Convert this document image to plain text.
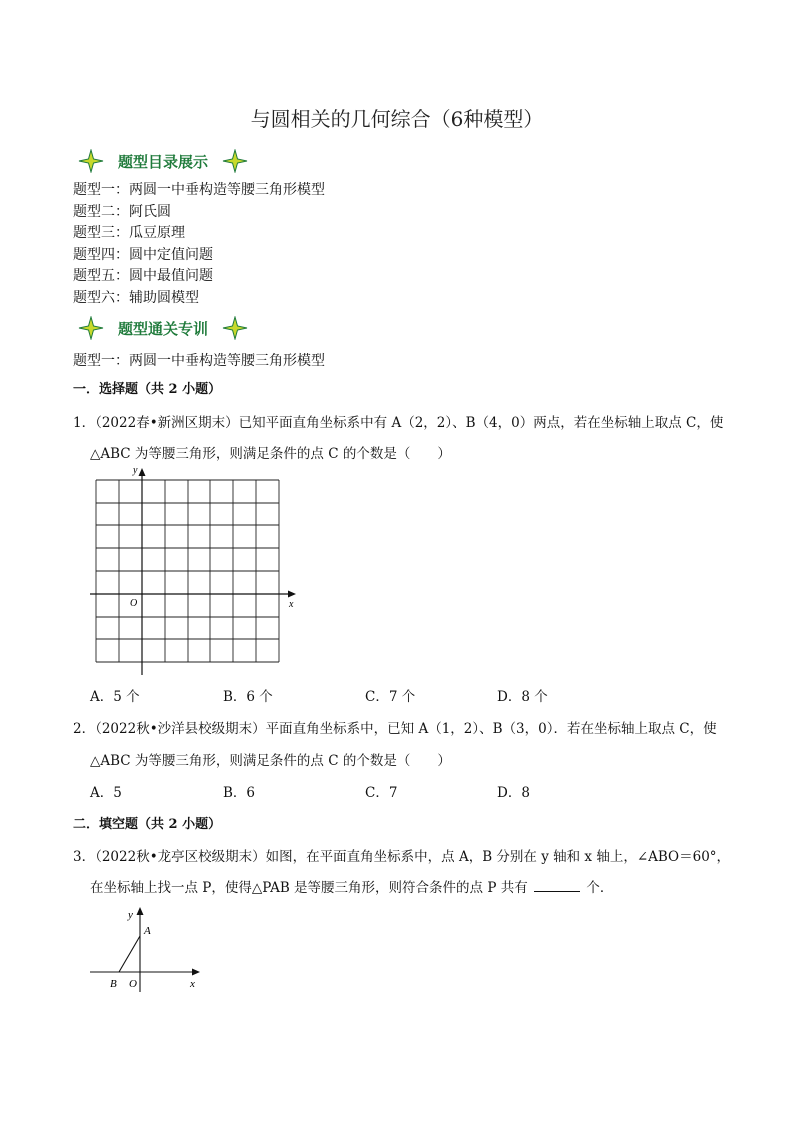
与圆相关的几何综合（6种模型）
题型目录展示
题型一：两圆一中垂构造等腰三角形模型
题型二：阿氏圆
题型三：瓜豆原理
题型四：圆中定值问题
题型五：圆中最值问题
题型六：辅助圆模型
题型通关专训
题型一：两圆一中垂构造等腰三角形模型
一．选择题（共 2 小题）
1．（2022春•新洲区期末）已知平面直角坐标系中有 A（2，2）、B（4，0）两点，若在坐标轴上取点 C，使
△ABC 为等腰三角形，则满足条件的点 C 的个数是（　　）
x
y
O
A．5 个	B．6 个	C．7 个	D．8 个
2．（2022秋•沙洋县校级期末）平面直角坐标系中，已知 A（1，2）、B（3，0）．若在坐标轴上取点 C，使
△ABC 为等腰三角形，则满足条件的点 C 的个数是（　　）
A．5	B．6	C．7	D．8
二．填空题（共 2 小题）
3．（2022秋•龙亭区校级期末）如图，在平面直角坐标系中，点 A，B 分别在 y 轴和 x 轴上，∠ABO＝60°，
在坐标轴上找一点 P，使得△PAB 是等腰三角形，则符合条件的点 P 共有	个．
x
y
A
B O
